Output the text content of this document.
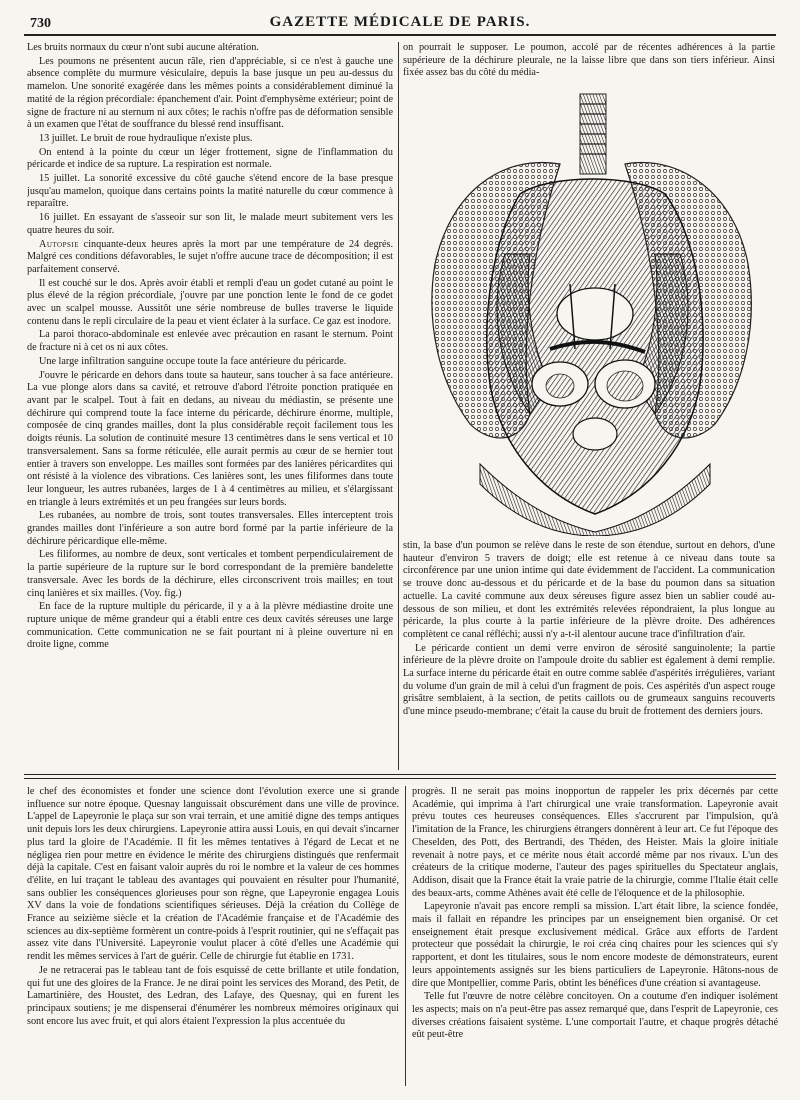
730	GAZETTE MÉDICALE DE PARIS.

Les bruits normaux du cœur n'ont subi aucune altération.

Les poumons ne présentent aucun râle, rien d'appréciable, si ce n'est à gauche une absence complète du murmure vésiculaire, depuis la base jusque un peu au-dessus du mamelon. Une sonorité exagérée dans les mêmes points a considérablement diminué la matité de la région précordiale: épanchement d'air. Point d'emphysème extérieur; point de signe de fracture ni au sternum ni aux côtes; le rachis n'offre pas de déformation sensible à un examen que l'état de souffrance du blessé rend insuffisant.

13 juillet. Le bruit de roue hydraulique n'existe plus.

On entend à la pointe du cœur un léger frottement, signe de l'inflammation du péricarde et indice de sa rupture. La respiration est normale.

15 juillet. La sonorité excessive du côté gauche s'étend encore de la base presque jusqu'au mamelon, quoique dans certains points la matité naturelle du cœur commence à reparaître.

16 juillet. En essayant de s'asseoir sur son lit, le malade meurt subitement vers les quatre heures du soir.

Autopsie cinquante-deux heures après la mort par une température de 24 degrés. Malgré ces conditions défavorables, le sujet n'offre aucune trace de décomposition; il est parfaitement conservé.

Il est couché sur le dos. Après avoir établi et rempli d'eau un godet cutané au point le plus élevé de la région précordiale, j'ouvre par une ponction lente le fond de ce godet avec un scalpel mousse. Aussitôt une série nombreuse de bulles traverse le liquide contenu dans le repli circulaire de la peau et vient éclater à la surface. Ce gaz est inodore.

La paroi thoraco-abdominale est enlevée avec précaution en rasant le sternum. Point de fracture ni à cet os ni aux côtes.

Une large infiltration sanguine occupe toute la face antérieure du péricarde.

J'ouvre le péricarde en dehors dans toute sa hauteur, sans toucher à sa face antérieure. La vue plonge alors dans sa cavité, et retrouve d'abord l'étroite ponction pratiquée en avant par le scalpel. Tout à fait en dedans, au niveau du médiastin, se présente une déchirure qui comprend toute la face interne du péricarde, déchirure énorme, multiple, composée de cinq grandes mailles, dont la plus considérable reçoit facilement tous les doigts réunis. La solution de continuité mesure 13 centimètres dans le sens vertical et 10 transversalement. Sans sa forme réticulée, elle aurait permis au cœur de se hernier tout entier à travers son enveloppe. Les mailles sont formées par des lanières péricardites qui ont résisté à la violence des vibrations. Ces lanières sont, les unes filiformes dans toute leur longueur, les autres rubanées, larges de 1 à 4 centimètres au milieu, et s'élargissant en triangle à leurs extrémités et un peu frangées sur leurs bords.

Les rubanées, au nombre de trois, sont toutes transversales. Elles interceptent trois grandes mailles dont l'inférieure a son autre bord formé par la partie inférieure de la déchirure péricardique elle-même.

Les filiformes, au nombre de deux, sont verticales et tombent perpendiculairement de la partie supérieure de la rupture sur le bord correspondant de la première bandelette transversale. Avec les bords de la déchirure, elles circonscrivent trois mailles; en tout cinq lanières et six mailles. (Voy. fig.)

En face de la rupture multiple du péricarde, il y a à la plèvre médiastine droite une rupture unique de même grandeur qui a établi entre ces deux cavités séreuses une large communication. Cette communication ne se fait pourtant ni à pleine ouverture ni en droite ligne, comme

on pourrait le supposer. Le poumon, accolé par de récentes adhérences à la partie supérieure de la déchirure pleurale, ne la laisse libre que dans son tiers inférieur. Ainsi fixée assez bas du côté du média-

stin, la base d'un poumon se relève dans le reste de son étendue, surtout en dehors, d'une hauteur d'environ 5 travers de doigt; elle est retenue à ce niveau dans toute sa circonférence par une union intime qui date évidemment de l'accident. La communication se trouve donc au-dessous et du péricarde et de la base du poumon dans sa situation actuelle. La cavité commune aux deux séreuses figure assez bien un sablier coudé au-dessous de son milieu, et dont les extrémités relevées répondraient, la plus longue au péricarde, la plus courte à la partie inférieure de la plèvre droite. Des adhérences complètent ce canal réfléchi; aussi n'y a-t-il alentour aucune trace d'infiltration d'air.

Le péricarde contient un demi verre environ de sérosité sanguinolente; la partie inférieure de la plèvre droite on l'ampoule droite du sablier est également à demi remplie. La surface interne du péricarde était en outre comme sablée d'aspérités irrégulières, variant du volume d'un grain de mil à celui d'un fragment de pois. Ces aspérités d'un aspect rouge grisâtre semblaient, à la section, de petits caillots ou de grumeaux sanguins recouverts d'une mince pseudo-membrane; c'était la cause du bruit de frottement des derniers jours.

le chef des économistes et fonder une science dont l'évolution exerce une si grande influence sur notre époque. Quesnay languissait obscurément dans une ville de province. L'appel de Lapeyronie le plaça sur son vrai terrain, et une amitié digne des temps antiques unit depuis lors les deux chirurgiens. Lapeyronie attira aussi Louis, en qui devait s'incarner plus tard la gloire de l'Académie. Il fit les mêmes tentatives à l'égard de Lecat et ne négligea rien pour mettre en évidence le mérite des chirurgiens distingués que renfermait déjà la capitale. C'est en faisant valoir auprès du roi le nombre et la valeur de ces hommes d'élite, en lui traçant le tableau des avantages qui pouvaient en résulter pour l'humanité, sans oublier les conséquences glorieuses pour son règne, que Lapeyronie engagea Louis XV dans la voie de fondations scientifiques sérieuses. Déjà la création du Collège de France au seizième siècle et la création de l'Académie française et de l'Académie des sciences au dix-septième formèrent un contre-poids à l'esprit routinier, qui ne s'effaçait pas assez vite dans l'Université. Lapeyronie voulut placer à côté d'elles une Académie qui rendit les mêmes services à l'art de guérir. Celle de chirurgie fut établie en 1731.

Je ne retracerai pas le tableau tant de fois esquissé de cette brillante et utile fondation, qui fut une des gloires de la France. Je ne dirai point les services des Morand, des Petit, de Lamartinière, des Houstet, des Ledran, des Lafaye, des Quesnay, qui en furent les principaux soutiens; je me dispenserai d'énumérer les nombreux mémoires originaux qui sont encore lus avec fruit, et qui alors étaient l'expression la plus accentuée du

progrès. Il ne serait pas moins inopportun de rappeler les prix décernés par cette Académie, qui imprima à l'art chirurgical une vraie transformation. Lapeyronie avait prévu toutes ces heureuses conséquences. Elles s'accrurent par l'impulsion, qu'à l'imitation de la France, les chirurgiens étrangers donnèrent à leur art. Ce fut l'époque des Cheselden, des Pott, des Bertrandi, des Théden, des Heister. Mais la gloire initiale revenait à notre pays, et ce mérite nous était accordé même par nos rivaux. L'un des créateurs de la critique moderne, l'auteur des pages spirituelles du Spectateur anglais, Addison, disait que la France était la vraie patrie de la chirurgie, comme l'Italie était celle des beaux-arts, comme Athènes avait été celle de l'éloquence et de la philosophie.

Lapeyronie n'avait pas encore rempli sa mission. L'art était libre, la science fondée, mais il fallait en répandre les principes par un enseignement bien organisé. Or cet enseignement était presque exclusivement médical. Grâce aux efforts de l'ardent protecteur que possédait la chirurgie, le roi créa cinq chaires pour les sciences qui s'y rapportent, et dont les titulaires, sous le nom encore modeste de démonstrateurs, eurent leurs appointements assignés sur les biens particuliers de Lapeyronie. Hâtons-nous de dire que Montpellier, comme Paris, obtint les bénéfices d'une création si avantageuse.

Telle fut l'œuvre de notre célèbre concitoyen. On a coutume d'en indiquer isolément les aspects; mais on n'a peut-être pas assez remarqué que, dans l'esprit de Lapeyronie, ces diverses créations faisaient système. L'une comportait l'autre, et chaque progrès détaché eût peut-être
